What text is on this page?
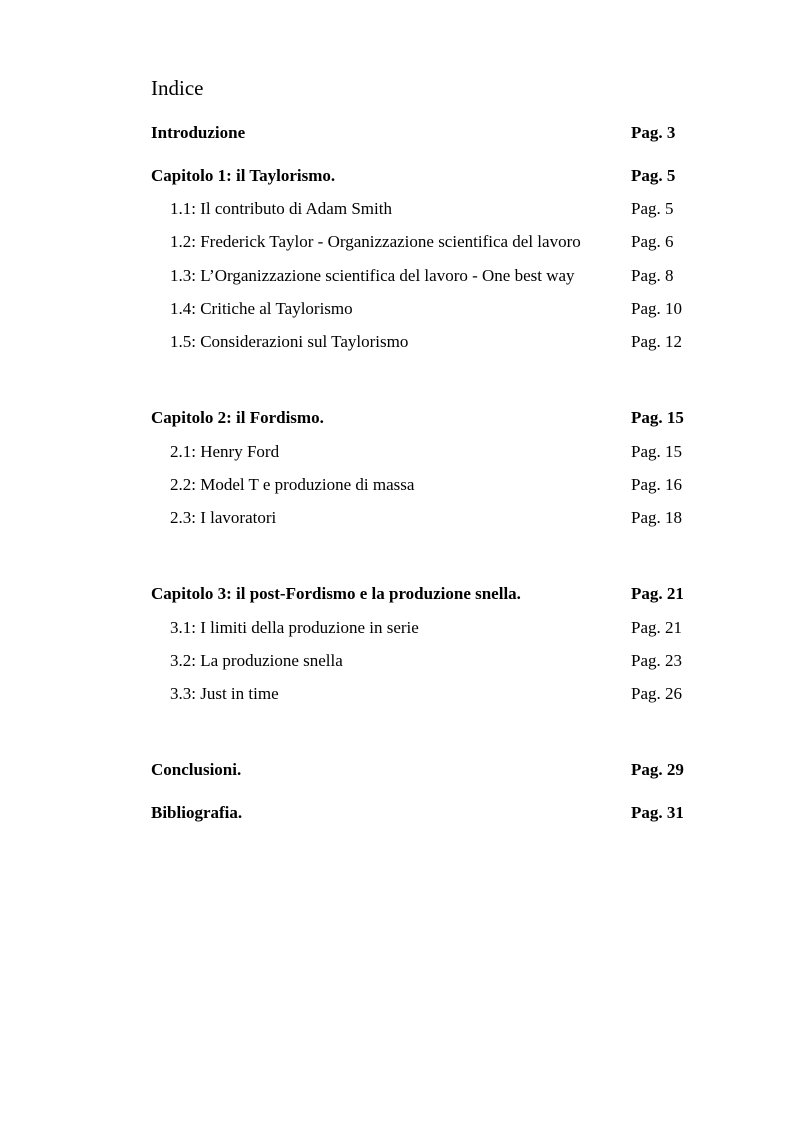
Indice
Introduzione	Pag. 3
Capitolo 1: il Taylorismo.	Pag. 5
1.1: Il contributo di Adam Smith	Pag. 5
1.2: Frederick Taylor - Organizzazione scientifica del lavoro	Pag. 6
1.3: L’Organizzazione scientifica del lavoro - One best way	Pag. 8
1.4: Critiche al Taylorismo	Pag. 10
1.5: Considerazioni sul Taylorismo	Pag. 12
Capitolo 2: il Fordismo.	Pag. 15
2.1: Henry Ford	Pag. 15
2.2: Model T e produzione di massa	Pag. 16
2.3: I lavoratori	Pag. 18
Capitolo 3: il post-Fordismo e la produzione snella.	Pag. 21
3.1: I limiti della produzione in serie	Pag. 21
3.2: La produzione snella	Pag. 23
3.3: Just in time	Pag. 26
Conclusioni.	Pag. 29
Bibliografia.	Pag. 31
